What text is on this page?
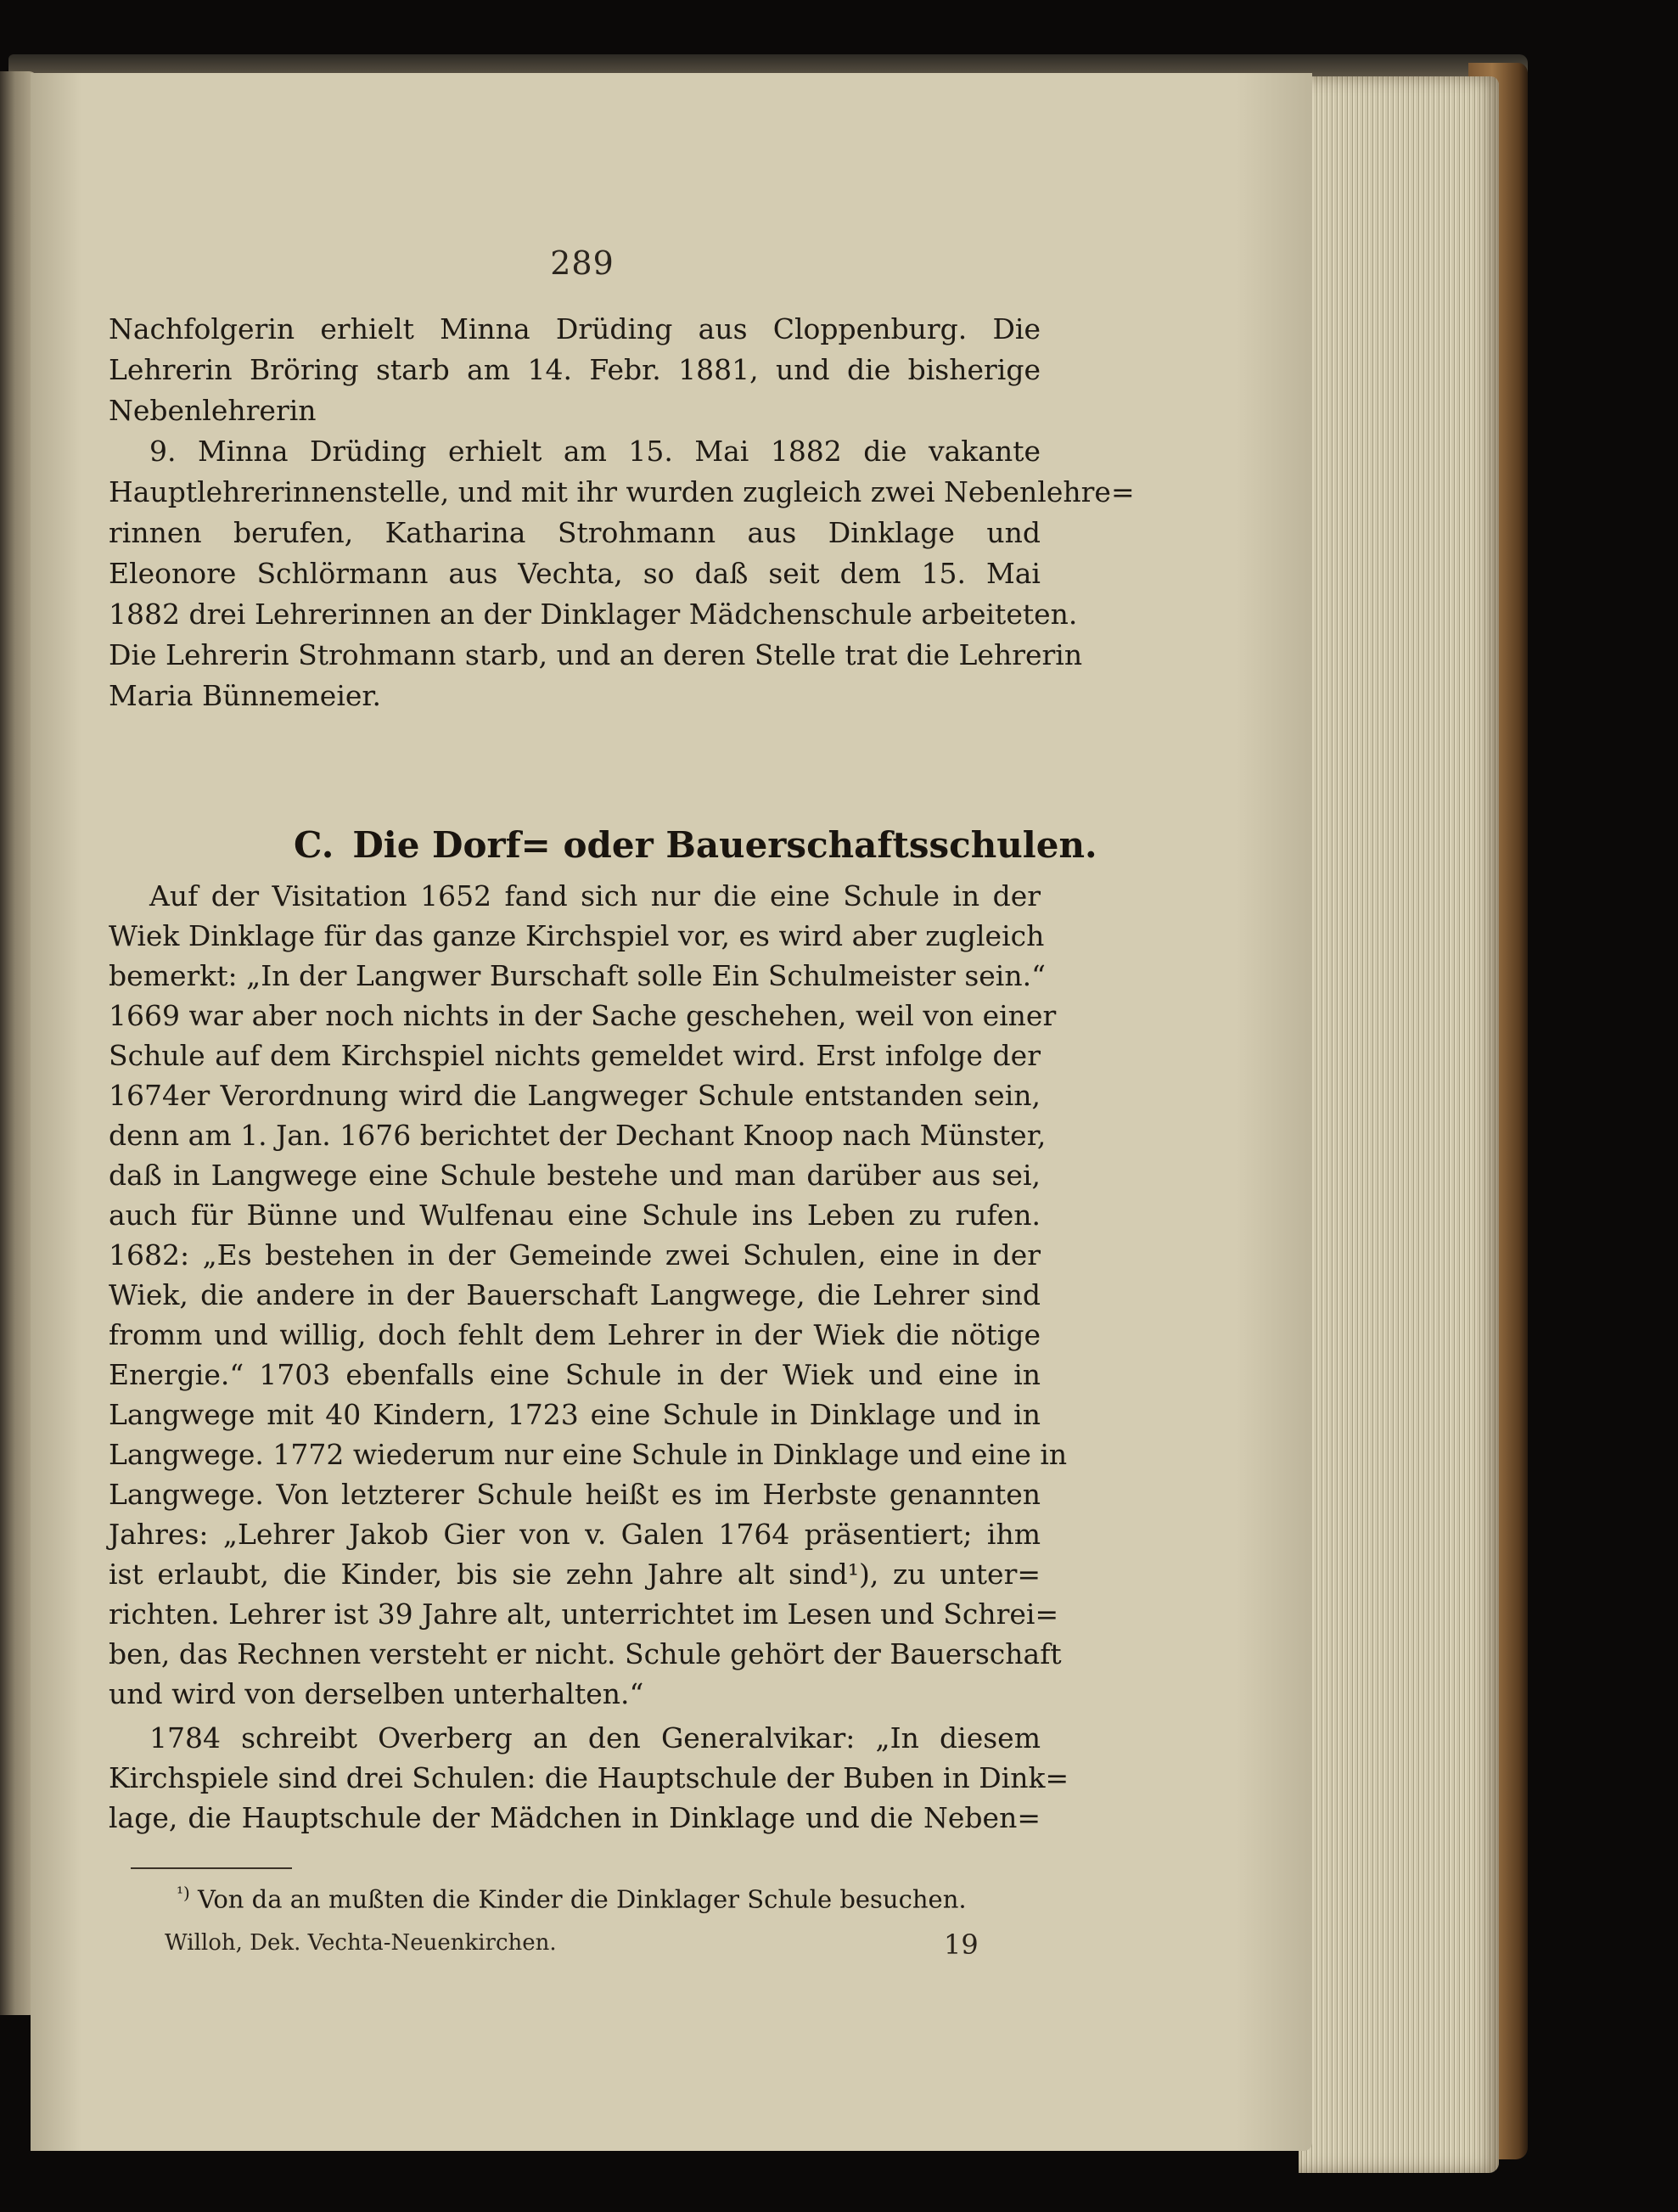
289
Nachfolgerin erhielt Minna Drüding aus Cloppenburg. Die
Lehrerin Bröring starb am 14. Febr. 1881, und die bisherige
Nebenlehrerin
9. Minna Drüding erhielt am 15. Mai 1882 die vakante
Hauptlehrerinnenstelle, und mit ihr wurden zugleich zwei Nebenlehre=
rinnen berufen, Katharina Strohmann aus Dinklage und
Eleonore Schlörmann aus Vechta, so daß seit dem 15. Mai
1882 drei Lehrerinnen an der Dinklager Mädchenschule arbeiteten.
Die Lehrerin Strohmann starb, und an deren Stelle trat die Lehrerin
Maria Bünnemeier.
C. Die Dorf= oder Bauerschaftsschulen.
Auf der Visitation 1652 fand sich nur die eine Schule in der
Wiek Dinklage für das ganze Kirchspiel vor, es wird aber zugleich
bemerkt: „In der Langwer Burschaft solle Ein Schulmeister sein.“
1669 war aber noch nichts in der Sache geschehen, weil von einer
Schule auf dem Kirchspiel nichts gemeldet wird. Erst infolge der
1674er Verordnung wird die Langweger Schule entstanden sein,
denn am 1. Jan. 1676 berichtet der Dechant Knoop nach Münster,
daß in Langwege eine Schule bestehe und man darüber aus sei,
auch für Bünne und Wulfenau eine Schule ins Leben zu rufen.
1682: „Es bestehen in der Gemeinde zwei Schulen, eine in der
Wiek, die andere in der Bauerschaft Langwege, die Lehrer sind
fromm und willig, doch fehlt dem Lehrer in der Wiek die nötige
Energie.“ 1703 ebenfalls eine Schule in der Wiek und eine in
Langwege mit 40 Kindern, 1723 eine Schule in Dinklage und in
Langwege. 1772 wiederum nur eine Schule in Dinklage und eine in
Langwege. Von letzterer Schule heißt es im Herbste genannten
Jahres: „Lehrer Jakob Gier von v. Galen 1764 präsentiert; ihm
ist erlaubt, die Kinder, bis sie zehn Jahre alt sind¹), zu unter=
richten. Lehrer ist 39 Jahre alt, unterrichtet im Lesen und Schrei=
ben, das Rechnen versteht er nicht. Schule gehört der Bauerschaft
und wird von derselben unterhalten.“
1784 schreibt Overberg an den Generalvikar: „In diesem
Kirchspiele sind drei Schulen: die Hauptschule der Buben in Dink=
lage, die Hauptschule der Mädchen in Dinklage und die Neben=
$^{^1)}$ Von da an mußten die Kinder die Dinklager Schule besuchen.
Willoh, Dek. Vechta-Neuenkirchen.	19
